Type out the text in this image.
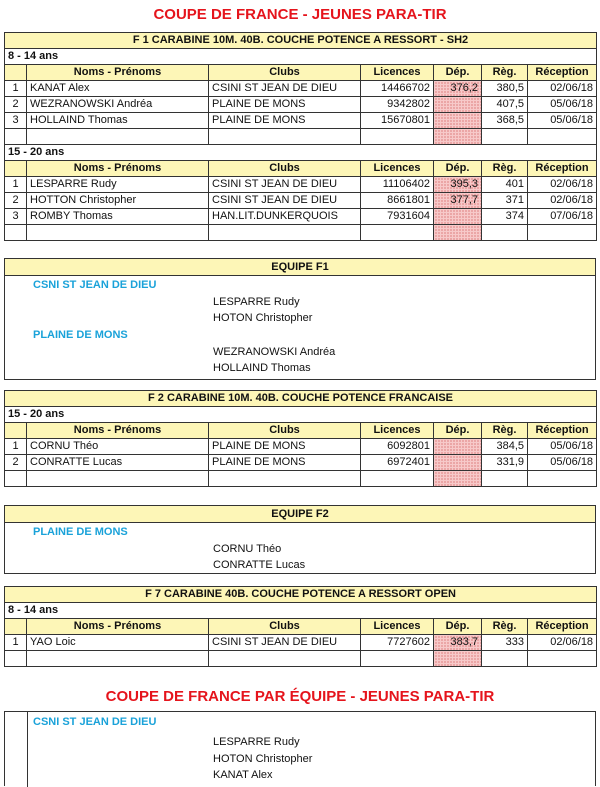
COUPE DE FRANCE - JEUNES PARA-TIR
F 1 CARABINE 10M. 40B. COUCHE POTENCE A RESSORT - SH2						
8 - 14 ans						
	Noms - Prénoms	Clubs	Licences	Dép.	Règ.	Réception
1	KANAT Alex	CSINI ST JEAN DE DIEU	14466702	376,2	380,5	02/06/18
2	WEZRANOWSKI Andréa	PLAINE DE MONS	9342802		407,5	05/06/18
3	HOLLAIND Thomas	PLAINE DE MONS	15670801		368,5	05/06/18

15 - 20 ans						
	Noms - Prénoms	Clubs	Licences	Dép.	Règ.	Réception
1	LESPARRE Rudy	CSINI ST JEAN DE DIEU	11106402	395,3	401	02/06/18
2	HOTTON Christopher	CSINI ST JEAN DE DIEU	8661801	377,7	371	02/06/18
3	ROMBY Thomas	HAN.LIT.DUNKERQUOIS	7931604		374	07/06/18

EQUIPE F1
CSNI ST JEAN DE DIEU
LESPARRE Rudy
HOTON Christopher
PLAINE DE MONS
WEZRANOWSKI Andréa
HOLLAIND Thomas
F 2 CARABINE 10M. 40B. COUCHE POTENCE FRANCAISE						
15 - 20 ans						
	Noms - Prénoms	Clubs	Licences	Dép.	Règ.	Réception
1	CORNU Théo	PLAINE DE MONS	6092801		384,5	05/06/18
2	CONRATTE Lucas	PLAINE DE MONS	6972401		331,9	05/06/18

EQUIPE F2
PLAINE DE MONS
CORNU Théo
CONRATTE Lucas
F 7 CARABINE 40B. COUCHE POTENCE A RESSORT OPEN						
8 - 14 ans						
	Noms - Prénoms	Clubs	Licences	Dép.	Règ.	Réception
1	YAO Loic	CSINI ST JEAN DE DIEU	7727602	383,7	333	02/06/18

COUPE DE FRANCE PAR ÉQUIPE - JEUNES PARA-TIR
CSNI ST JEAN DE DIEU
LESPARRE Rudy
HOTON Christopher
KANAT Alex
